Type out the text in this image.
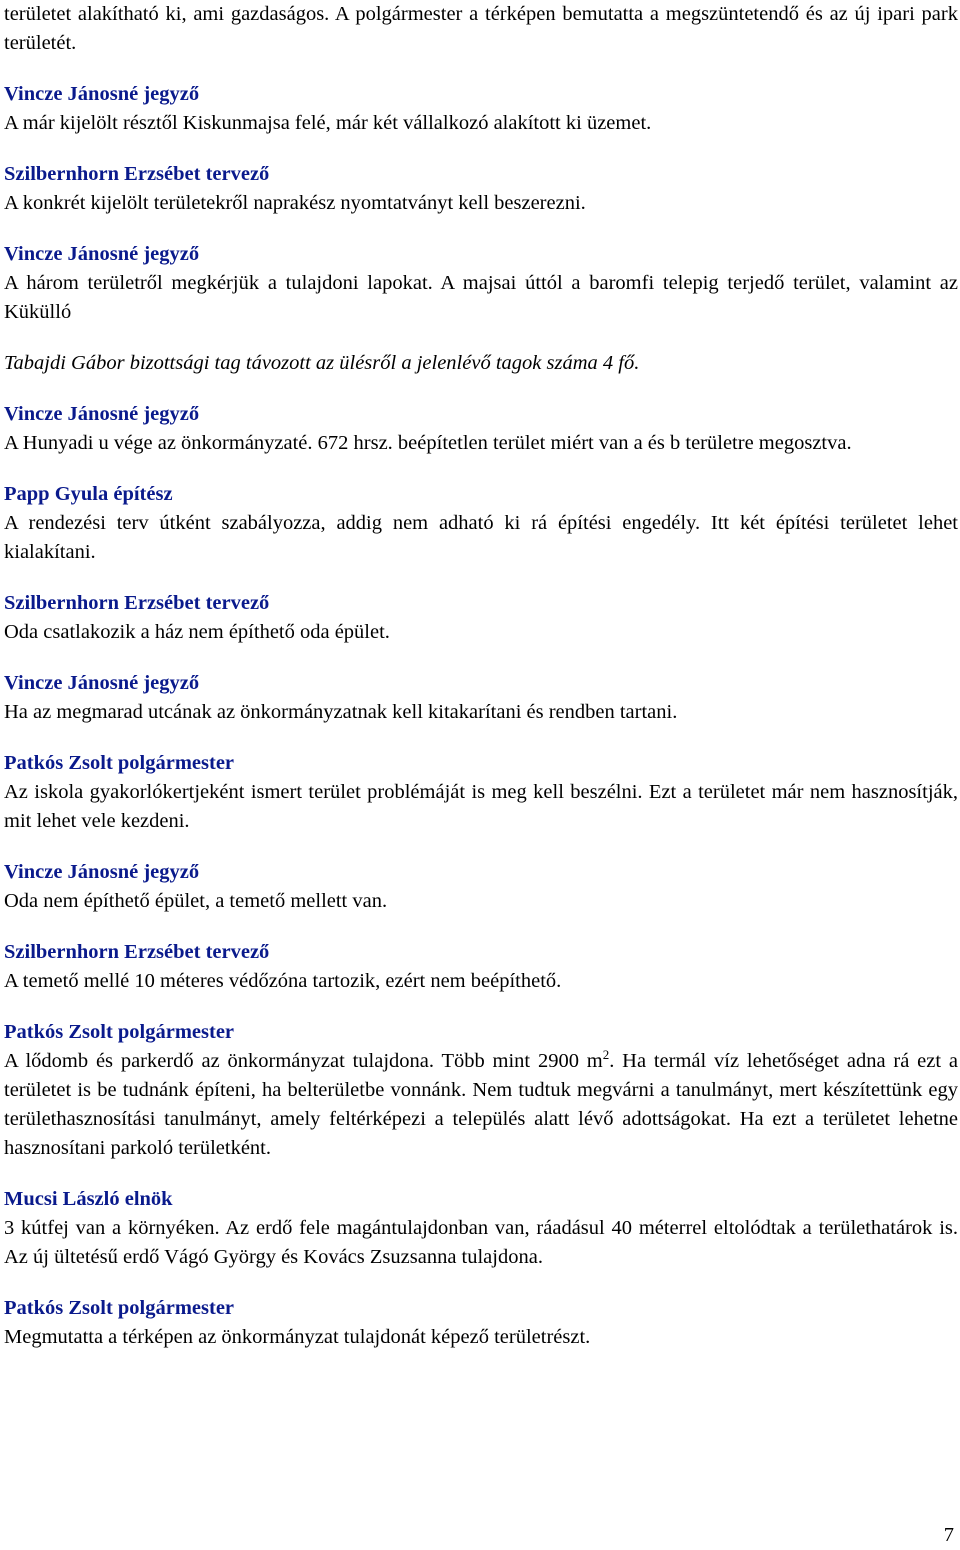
területet alakítható ki, ami gazdaságos. A polgármester a térképen bemutatta a megszüntetendő és az új ipari park területét.
Vincze Jánosné jegyző
A már kijelölt résztől Kiskunmajsa felé, már két vállalkozó alakított ki üzemet.
Szilbernhorn Erzsébet tervező
A konkrét kijelölt területekről naprakész nyomtatványt kell beszerezni.
Vincze Jánosné jegyző
A három területről megkérjük a tulajdoni lapokat. A majsai úttól a baromfi telepig terjedő terület, valamint az Kükülló
Tabajdi Gábor bizottsági tag távozott az ülésről a jelenlévő tagok száma 4 fő.
Vincze Jánosné jegyző
A Hunyadi u vége az önkormányzaté. 672 hrsz. beépítetlen terület miért van a és b területre megosztva.
Papp Gyula építész
A rendezési terv útként szabályozza, addig nem adható ki rá építési engedély. Itt két építési területet lehet kialakítani.
Szilbernhorn Erzsébet tervező
Oda csatlakozik a ház nem építhető oda épület.
Vincze Jánosné jegyző
Ha az megmarad utcának az önkormányzatnak kell kitakarítani és rendben tartani.
Patkós Zsolt polgármester
Az iskola gyakorlókertjeként ismert terület problémáját is meg kell beszélni. Ezt a területet már nem hasznosítják, mit lehet vele kezdeni.
Vincze Jánosné jegyző
Oda nem építhető épület, a temető mellett van.
Szilbernhorn Erzsébet tervező
A temető mellé 10 méteres védőzóna tartozik, ezért nem beépíthető.
Patkós Zsolt polgármester
A lődomb és parkerdő az önkormányzat tulajdona. Több mint 2900 $m^2$. Ha termál víz lehetőséget adna rá ezt a területet is be tudnánk építeni, ha belterületbe vonnánk. Nem tudtuk megvárni a tanulmányt, mert készítettünk egy területhasznosítási tanulmányt, amely feltérképezi a település alatt lévő adottságokat. Ha ezt a területet lehetne hasznosítani parkoló területként.
Mucsi László elnök
3 kútfej van a környéken. Az erdő fele magántulajdonban van, ráadásul 40 méterrel eltolódtak a területhatárok is. Az új ültetésű erdő Vágó György és Kovács Zsuzsanna tulajdona.
Patkós Zsolt polgármester
Megmutatta a térképen az önkormányzat tulajdonát képező területrészt.
7
